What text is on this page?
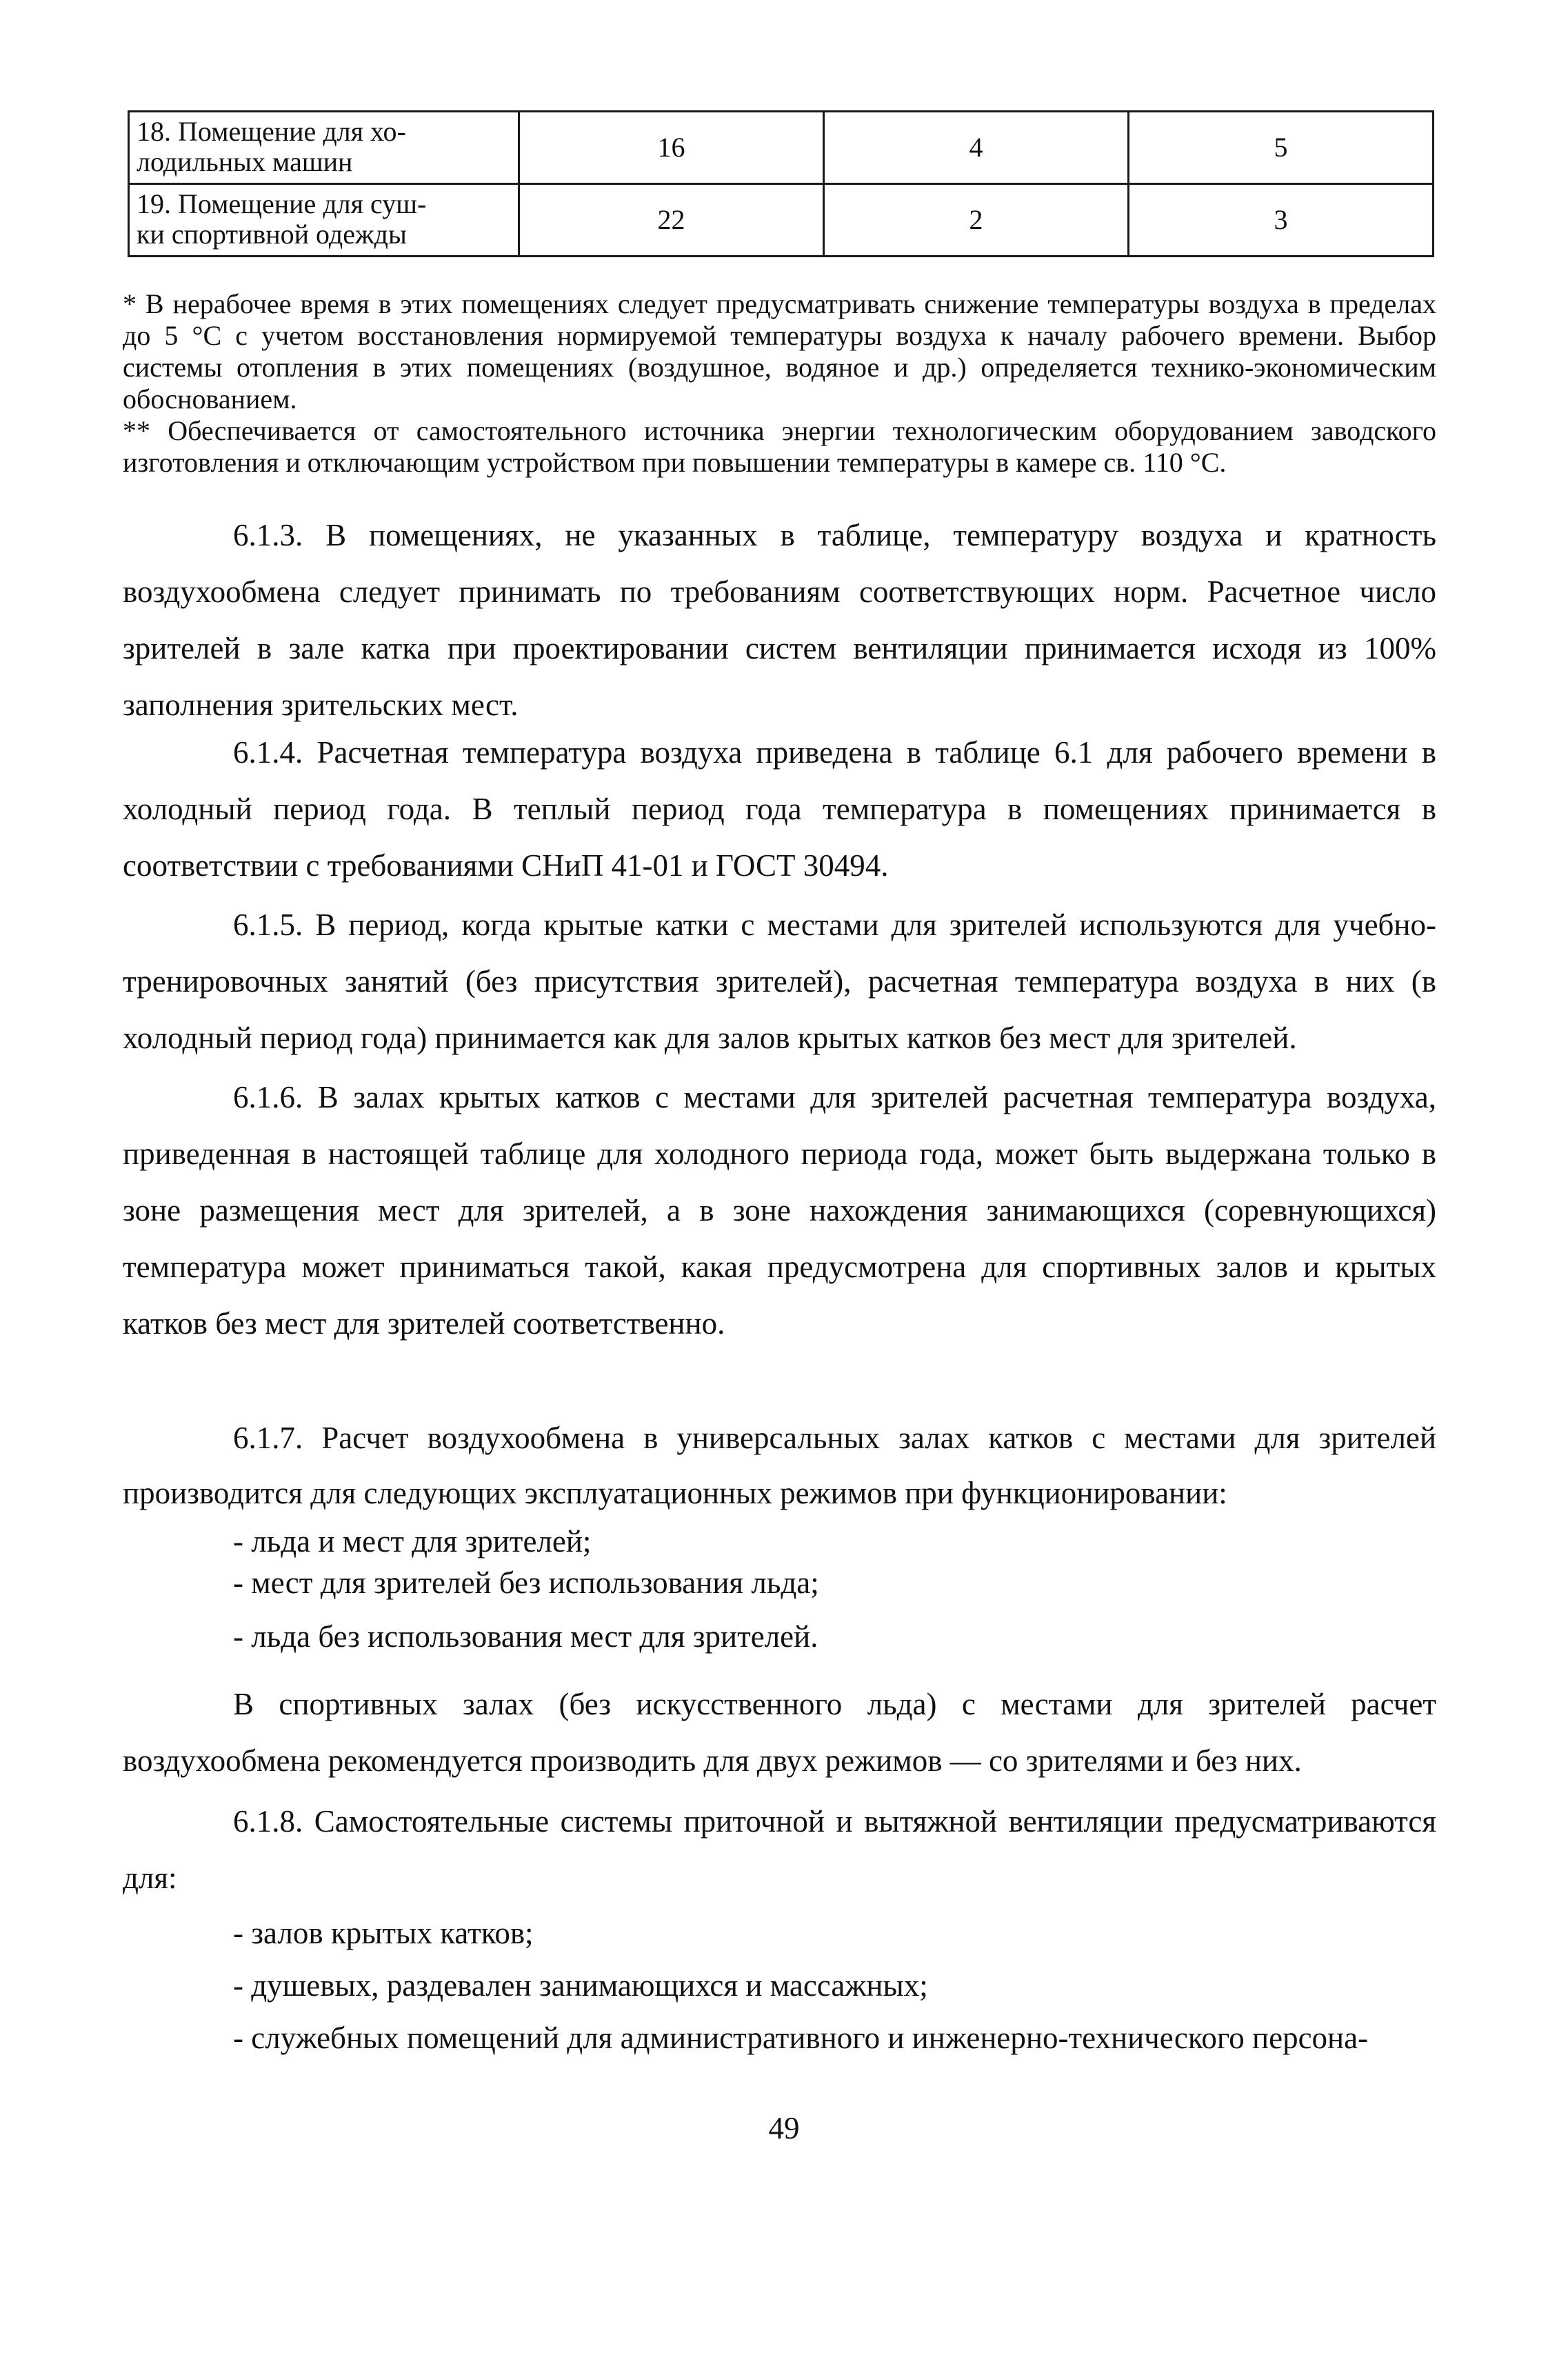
18. Помещение для хо-
лодильных машин	16	4	5

19. Помещение для суш-
ки спортивной одежды	22	2	3

* В нерабочее время в этих помещениях следует предусматривать снижение температуры воздуха в пределах до 5 °С с учетом восстановления нормируемой температуры воздуха к началу рабочего времени. Выбор системы отопления в этих помещениях (воздушное, водяное и др.) определяется технико-экономическим обоснованием.

** Обеспечивается от самостоятельного источника энергии технологическим оборудованием заводского изготовления и отключающим устройством при повышении температуры в камере св. 110 °С.

6.1.3. В помещениях, не указанных в таблице, температуру воздуха и кратность воздухообмена следует принимать по требованиям соответствующих норм. Расчетное число зрителей в зале катка при проектировании систем вентиляции принимается исходя из 100% заполнения зрительских мест.

6.1.4. Расчетная температура воздуха приведена в таблице 6.1 для рабочего времени в холодный период года. В теплый период года температура в помещениях принимается в соответствии с требованиями СНиП 41-01 и ГОСТ 30494.

6.1.5. В период, когда крытые катки с местами для зрителей используются для учебно-тренировочных занятий (без присутствия зрителей), расчетная температура воздуха в них (в холодный период года) принимается как для залов крытых катков без мест для зрителей.

6.1.6. В залах крытых катков с местами для зрителей расчетная температура воздуха, приведенная в настоящей таблице для холодного периода года, может быть выдержана только в зоне размещения мест для зрителей, а в зоне нахождения занимающихся (соревнующихся) температура может приниматься такой, какая предусмотрена для спортивных залов и крытых катков без мест для зрителей соответственно.

6.1.7. Расчет воздухообмена в универсальных залах катков с местами для зрителей производится для следующих эксплуатационных режимов при функционировании:

- льда и мест для зрителей;
- мест для зрителей без использования льда;
- льда без использования мест для зрителей.

В спортивных залах (без искусственного льда) с местами для зрителей расчет воздухообмена рекомендуется производить для двух режимов — со зрителями и без них.

6.1.8. Самостоятельные системы приточной и вытяжной вентиляции предусматриваются для:

- залов крытых катков;
- душевых, раздевален занимающихся и массажных;
- служебных помещений для административного и инженерно-технического персона-
49
